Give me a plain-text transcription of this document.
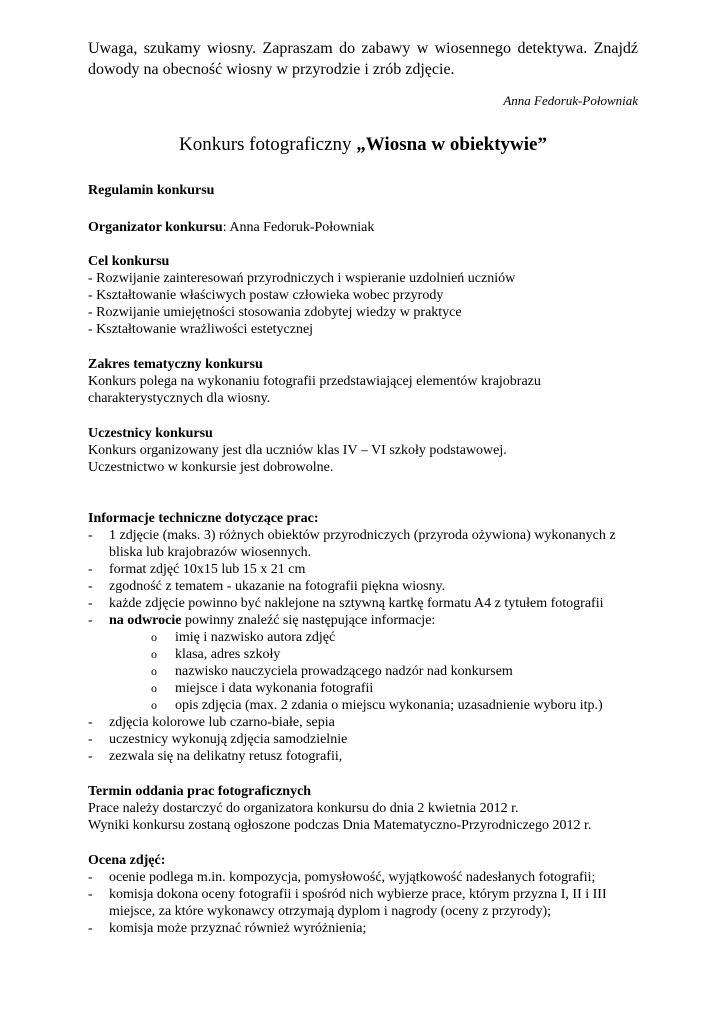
Uwaga, szukamy wiosny. Zapraszam do zabawy w wiosennego detektywa. Znajdź dowody na obecność wiosny w przyrodzie i zrób zdjęcie.

Anna Fedoruk-Połowniak
Konkurs fotograficzny „Wiosna w obiektywie”
Regulamin konkursu
Organizator konkursu: Anna Fedoruk-Połowniak
Cel konkursu
- Rozwijanie zainteresowań przyrodniczych i wspieranie uzdolnień uczniów
- Kształtowanie właściwych postaw człowieka wobec przyrody
- Rozwijanie umiejętności stosowania zdobytej wiedzy w praktyce
- Kształtowanie wrażliwości estetycznej
Zakres tematyczny konkursu
Konkurs polega na wykonaniu fotografii przedstawiającej elementów krajobrazu charakterystycznych dla wiosny.
Uczestnicy konkursu
Konkurs organizowany jest dla uczniów klas IV – VI szkoły podstawowej.
Uczestnictwo w konkursie jest dobrowolne.
Informacje techniczne dotyczące prac:
- 1 zdjęcie (maks. 3) różnych obiektów przyrodniczych (przyroda ożywiona) wykonanych z bliska lub krajobrazów wiosennych.
- format zdjęć 10x15 lub 15 x 21 cm
- zgodność z tematem - ukazanie na fotografii piękna wiosny.
- każde zdjęcie powinno być naklejone na sztywną kartkę formatu A4 z tytułem fotografii
- na odwrocie powinny znaleźć się następujące informacje:
o imię i nazwisko autora zdjęć
o klasa, adres szkoły
o nazwisko nauczyciela prowadzącego nadzór nad konkursem
o miejsce i data wykonania fotografii
o opis zdjęcia (max. 2 zdania o miejscu wykonania; uzasadnienie wyboru itp.)
- zdjęcia kolorowe lub czarno-białe, sepia
- uczestnicy wykonują zdjęcia samodzielnie
- zezwala się na delikatny retusz fotografii,
Termin oddania prac fotograficznych
Prace należy dostarczyć do organizatora konkursu do dnia 2 kwietnia 2012 r.
Wyniki konkursu zostaną ogłoszone podczas Dnia Matematyczno-Przyrodniczego 2012 r.
Ocena zdjęć:
- ocenie podlega m.in. kompozycja, pomysłowość, wyjątkowość nadesłanych fotografii;
- komisja dokona oceny fotografii i spośród nich wybierze prace, którym przyzna I, II i III miejsce, za które wykonawcy otrzymają dyplom i nagrody (oceny z przyrody);
- komisja może przyznać również wyróżnienia;
